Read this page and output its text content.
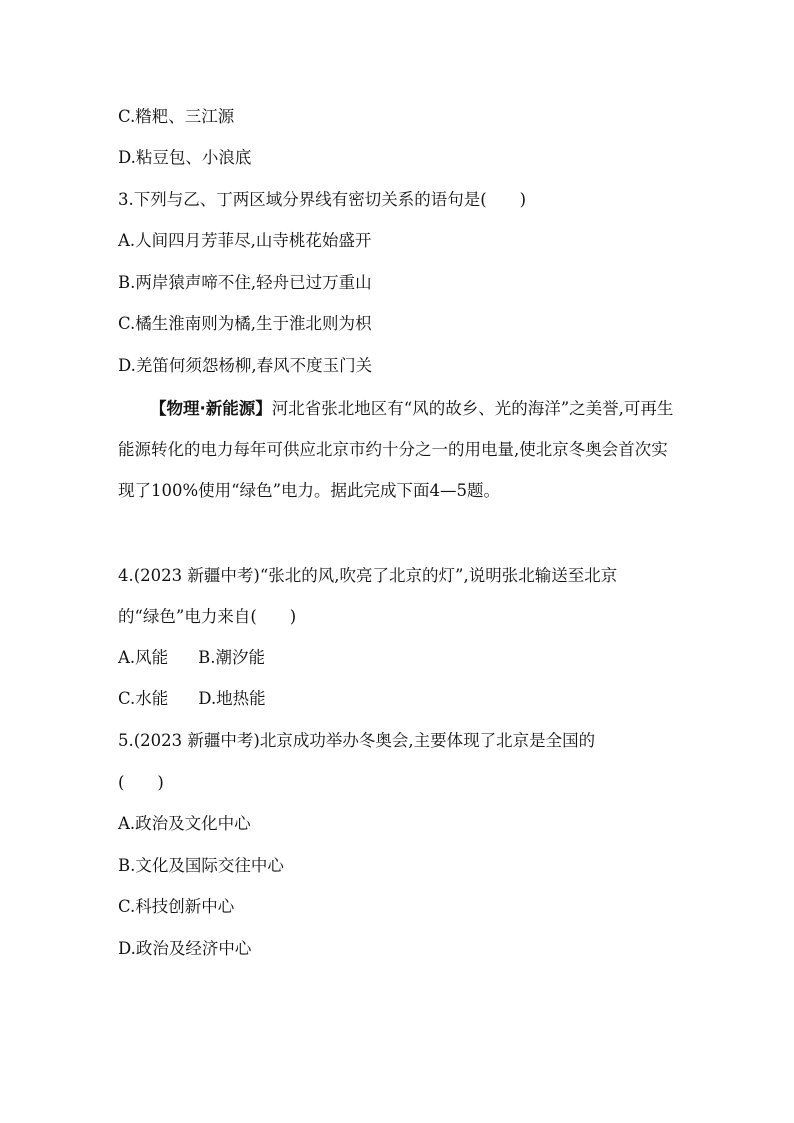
C.糌粑、三江源
D.粘豆包、小浪底
3.下列与乙、丁两区域分界线有密切关系的语句是(　　)
A.人间四月芳菲尽,山寺桃花始盛开
B.两岸猿声啼不住,轻舟已过万重山
C.橘生淮南则为橘,生于淮北则为枳
D.羌笛何须怨杨柳,春风不度玉门关
【物理·新能源】河北省张北地区有“风的故乡、光的海洋”之美誉,可再生能源转化的电力每年可供应北京市约十分之一的用电量,使北京冬奥会首次实现了100%使用“绿色”电力。据此完成下面4—5题。
4.(2023 新疆中考)“张北的风,吹亮了北京的灯”,说明张北输送至北京
的“绿色”电力来自(　　)
A.风能 B.潮汐能
C.水能 D.地热能
5.(2023 新疆中考)北京成功举办冬奥会,主要体现了北京是全国的
(　　)
A.政治及文化中心
B.文化及国际交往中心
C.科技创新中心
D.政治及经济中心
